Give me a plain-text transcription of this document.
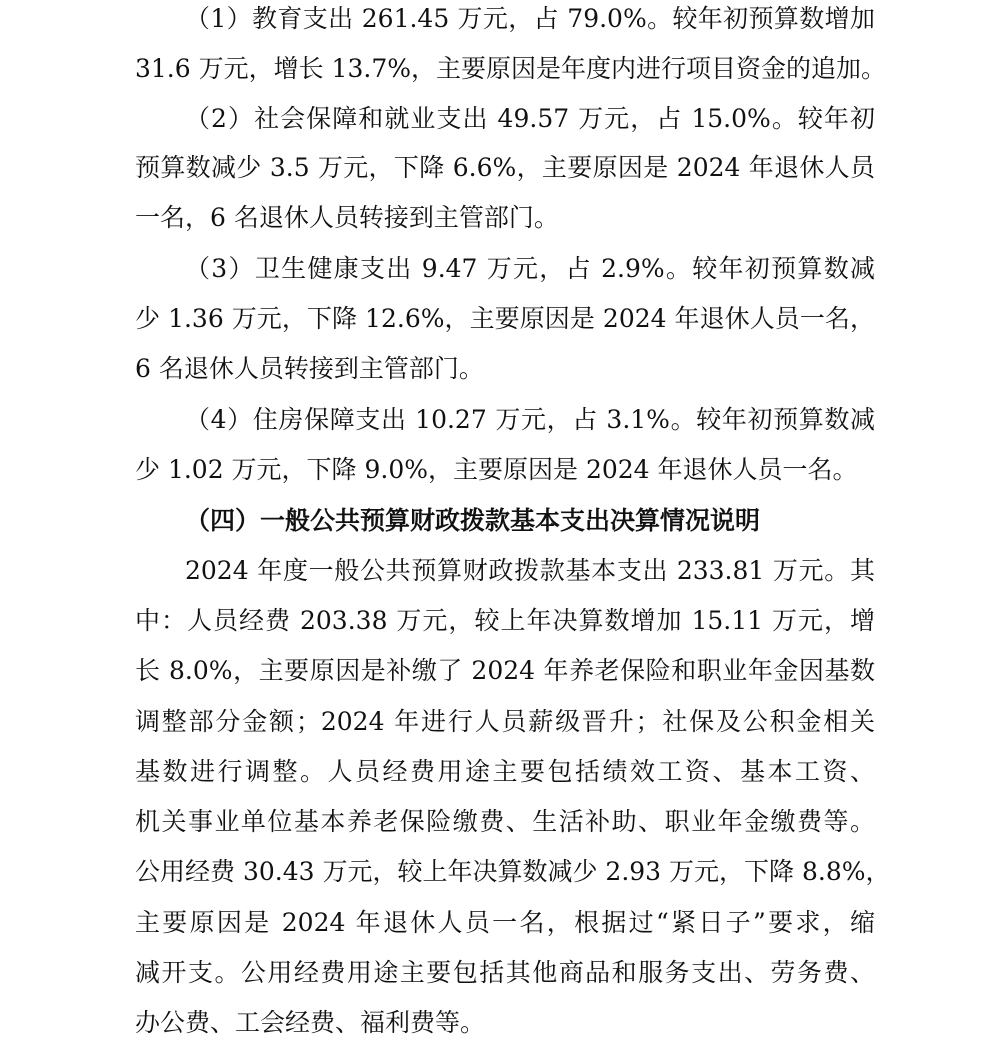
（1）教育支出 261.45 万元，占 79.0%。较年初预算数增加
31.6 万元，增长 13.7%，主要原因是年度内进行项目资金的追加。
（2）社会保障和就业支出 49.57 万元，占 15.0%。较年初
预算数减少 3.5 万元，下降 6.6%，主要原因是 2024 年退休人员
一名，6 名退休人员转接到主管部门。
（3）卫生健康支出 9.47 万元，占 2.9%。较年初预算数减
少 1.36 万元，下降 12.6%，主要原因是 2024 年退休人员一名，
6 名退休人员转接到主管部门。
（4）住房保障支出 10.27 万元，占 3.1%。较年初预算数减
少 1.02 万元，下降 9.0%，主要原因是 2024 年退休人员一名。
（四）一般公共预算财政拨款基本支出决算情况说明
2024 年度一般公共预算财政拨款基本支出 233.81 万元。其
中：人员经费 203.38 万元，较上年决算数增加 15.11 万元，增
长 8.0%，主要原因是补缴了 2024 年养老保险和职业年金因基数
调整部分金额；2024 年进行人员薪级晋升；社保及公积金相关
基数进行调整。人员经费用途主要包括绩效工资、基本工资、
机关事业单位基本养老保险缴费、生活补助、职业年金缴费等。
公用经费 30.43 万元，较上年决算数减少 2.93 万元，下降 8.8%，
主要原因是 2024 年退休人员一名，根据过“紧日子”要求，缩
减开支。公用经费用途主要包括其他商品和服务支出、劳务费、
办公费、工会经费、福利费等。
